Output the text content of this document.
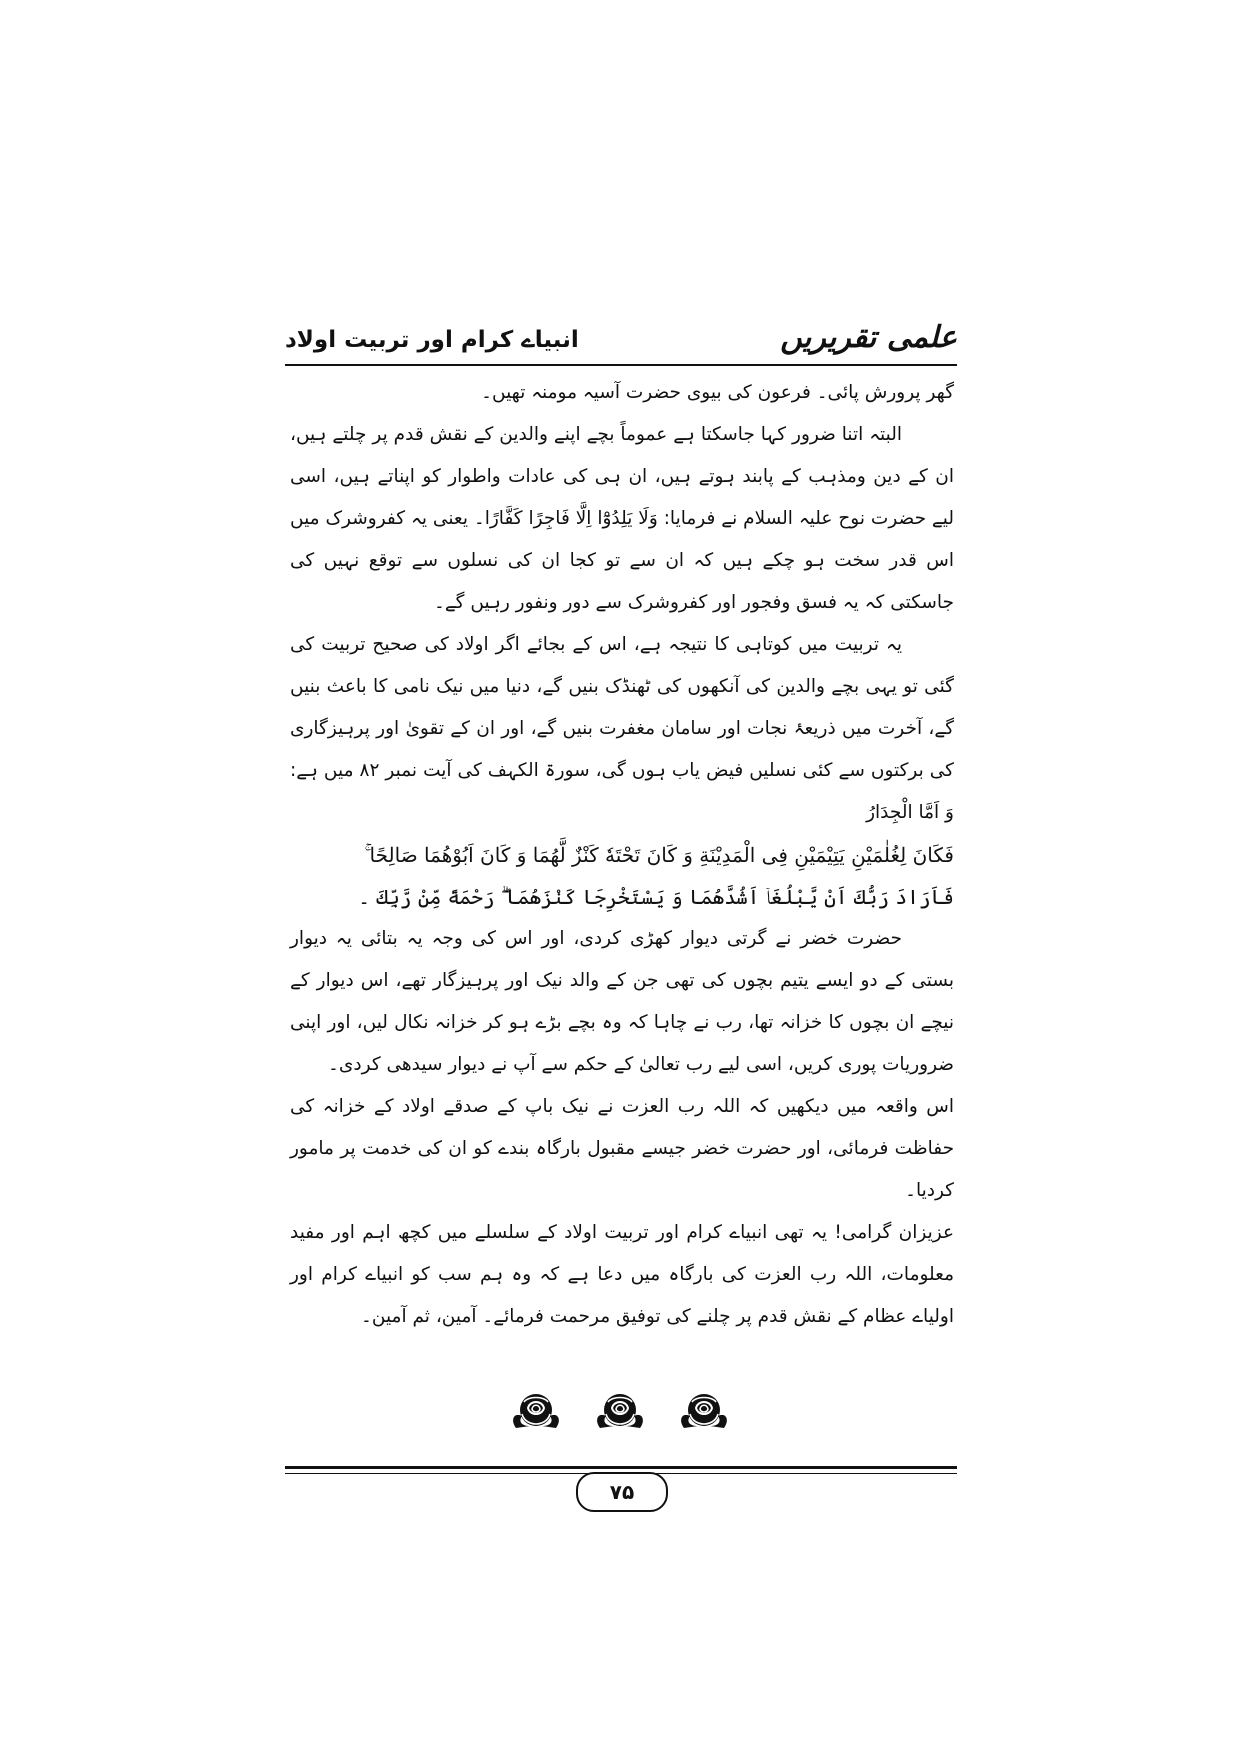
علمی تقریریں
انبیاے کرام اور تربیت اولاد

گھر پرورش پائی۔ فرعون کی بیوی حضرت آسیہ مومنہ تھیں۔

البتہ اتنا ضرور کہا جاسکتا ہے عموماً بچے اپنے والدین کے نقش قدم پر چلتے ہیں، ان کے دین ومذہب کے پابند ہوتے ہیں، ان ہی کی عادات واطوار کو اپناتے ہیں، اسی لیے حضرت نوح علیہ السلام نے فرمایا: وَلَا یَلِدُوْٓا اِلَّا فَاجِرًا كَفَّارًا۔ یعنی یہ کفروشرک میں اس قدر سخت ہو چکے ہیں کہ ان سے تو کجا ان کی نسلوں سے توقع نہیں کی جاسکتی کہ یہ فسق وفجور اور کفروشرک سے دور ونفور رہیں گے۔

یہ تربیت میں کوتاہی کا نتیجہ ہے، اس کے بجائے اگر اولاد کی صحیح تربیت کی گئی تو یہی بچے والدین کی آنکھوں کی ٹھنڈک بنیں گے، دنیا میں نیک نامی کا باعث بنیں گے، آخرت میں ذریعۂ نجات اور سامان مغفرت بنیں گے، اور ان کے تقویٰ اور پرہیزگاری کی برکتوں سے کئی نسلیں فیض یاب ہوں گی، سورۃ الکہف کی آیت نمبر ۸۲ میں ہے: وَ اَمَّا الْجِدَارُ

فَكَانَ لِغُلٰمَیْنِ یَتِیْمَیْنِ فِی الْمَدِیْنَةِ وَ كَانَ تَحْتَهٗ كَنْزٌ لَّهُمَا وَ كَانَ اَبُوْهُمَا صَالِحًا ۚ

فَاَرَادَ رَبُّكَ اَنْ یَّبْلُغَاۤ اَشُدَّهُمَا وَ یَسْتَخْرِجَا كَنْزَهُمَا ۖۗ رَحْمَةً مِّنْ رَّبِّكَ ۔

حضرت خضر نے گرتی دیوار کھڑی کردی، اور اس کی وجہ یہ بتائی یہ دیوار بستی کے دو ایسے یتیم بچوں کی تھی جن کے والد نیک اور پرہیزگار تھے، اس دیوار کے نیچے ان بچوں کا خزانہ تھا، رب نے چاہا کہ وہ بچے بڑے ہو کر خزانہ نکال لیں، اور اپنی ضروریات پوری کریں، اسی لیے رب تعالیٰ کے حکم سے آپ نے دیوار سیدھی کردی۔

اس واقعہ میں دیکھیں کہ اللہ رب العزت نے نیک باپ کے صدقے اولاد کے خزانہ کی حفاظت فرمائی، اور حضرت خضر جیسے مقبول بارگاہ بندے کو ان کی خدمت پر مامور کردیا۔

عزیزان گرامی! یہ تھی انبیاے کرام اور تربیت اولاد کے سلسلے میں کچھ اہم اور مفید معلومات، اللہ رب العزت کی بارگاہ میں دعا ہے کہ وہ ہم سب کو انبیاے کرام اور اولیاے عظام کے نقش قدم پر چلنے کی توفیق مرحمت فرمائے۔ آمین، ثم آمین۔

۷۵
